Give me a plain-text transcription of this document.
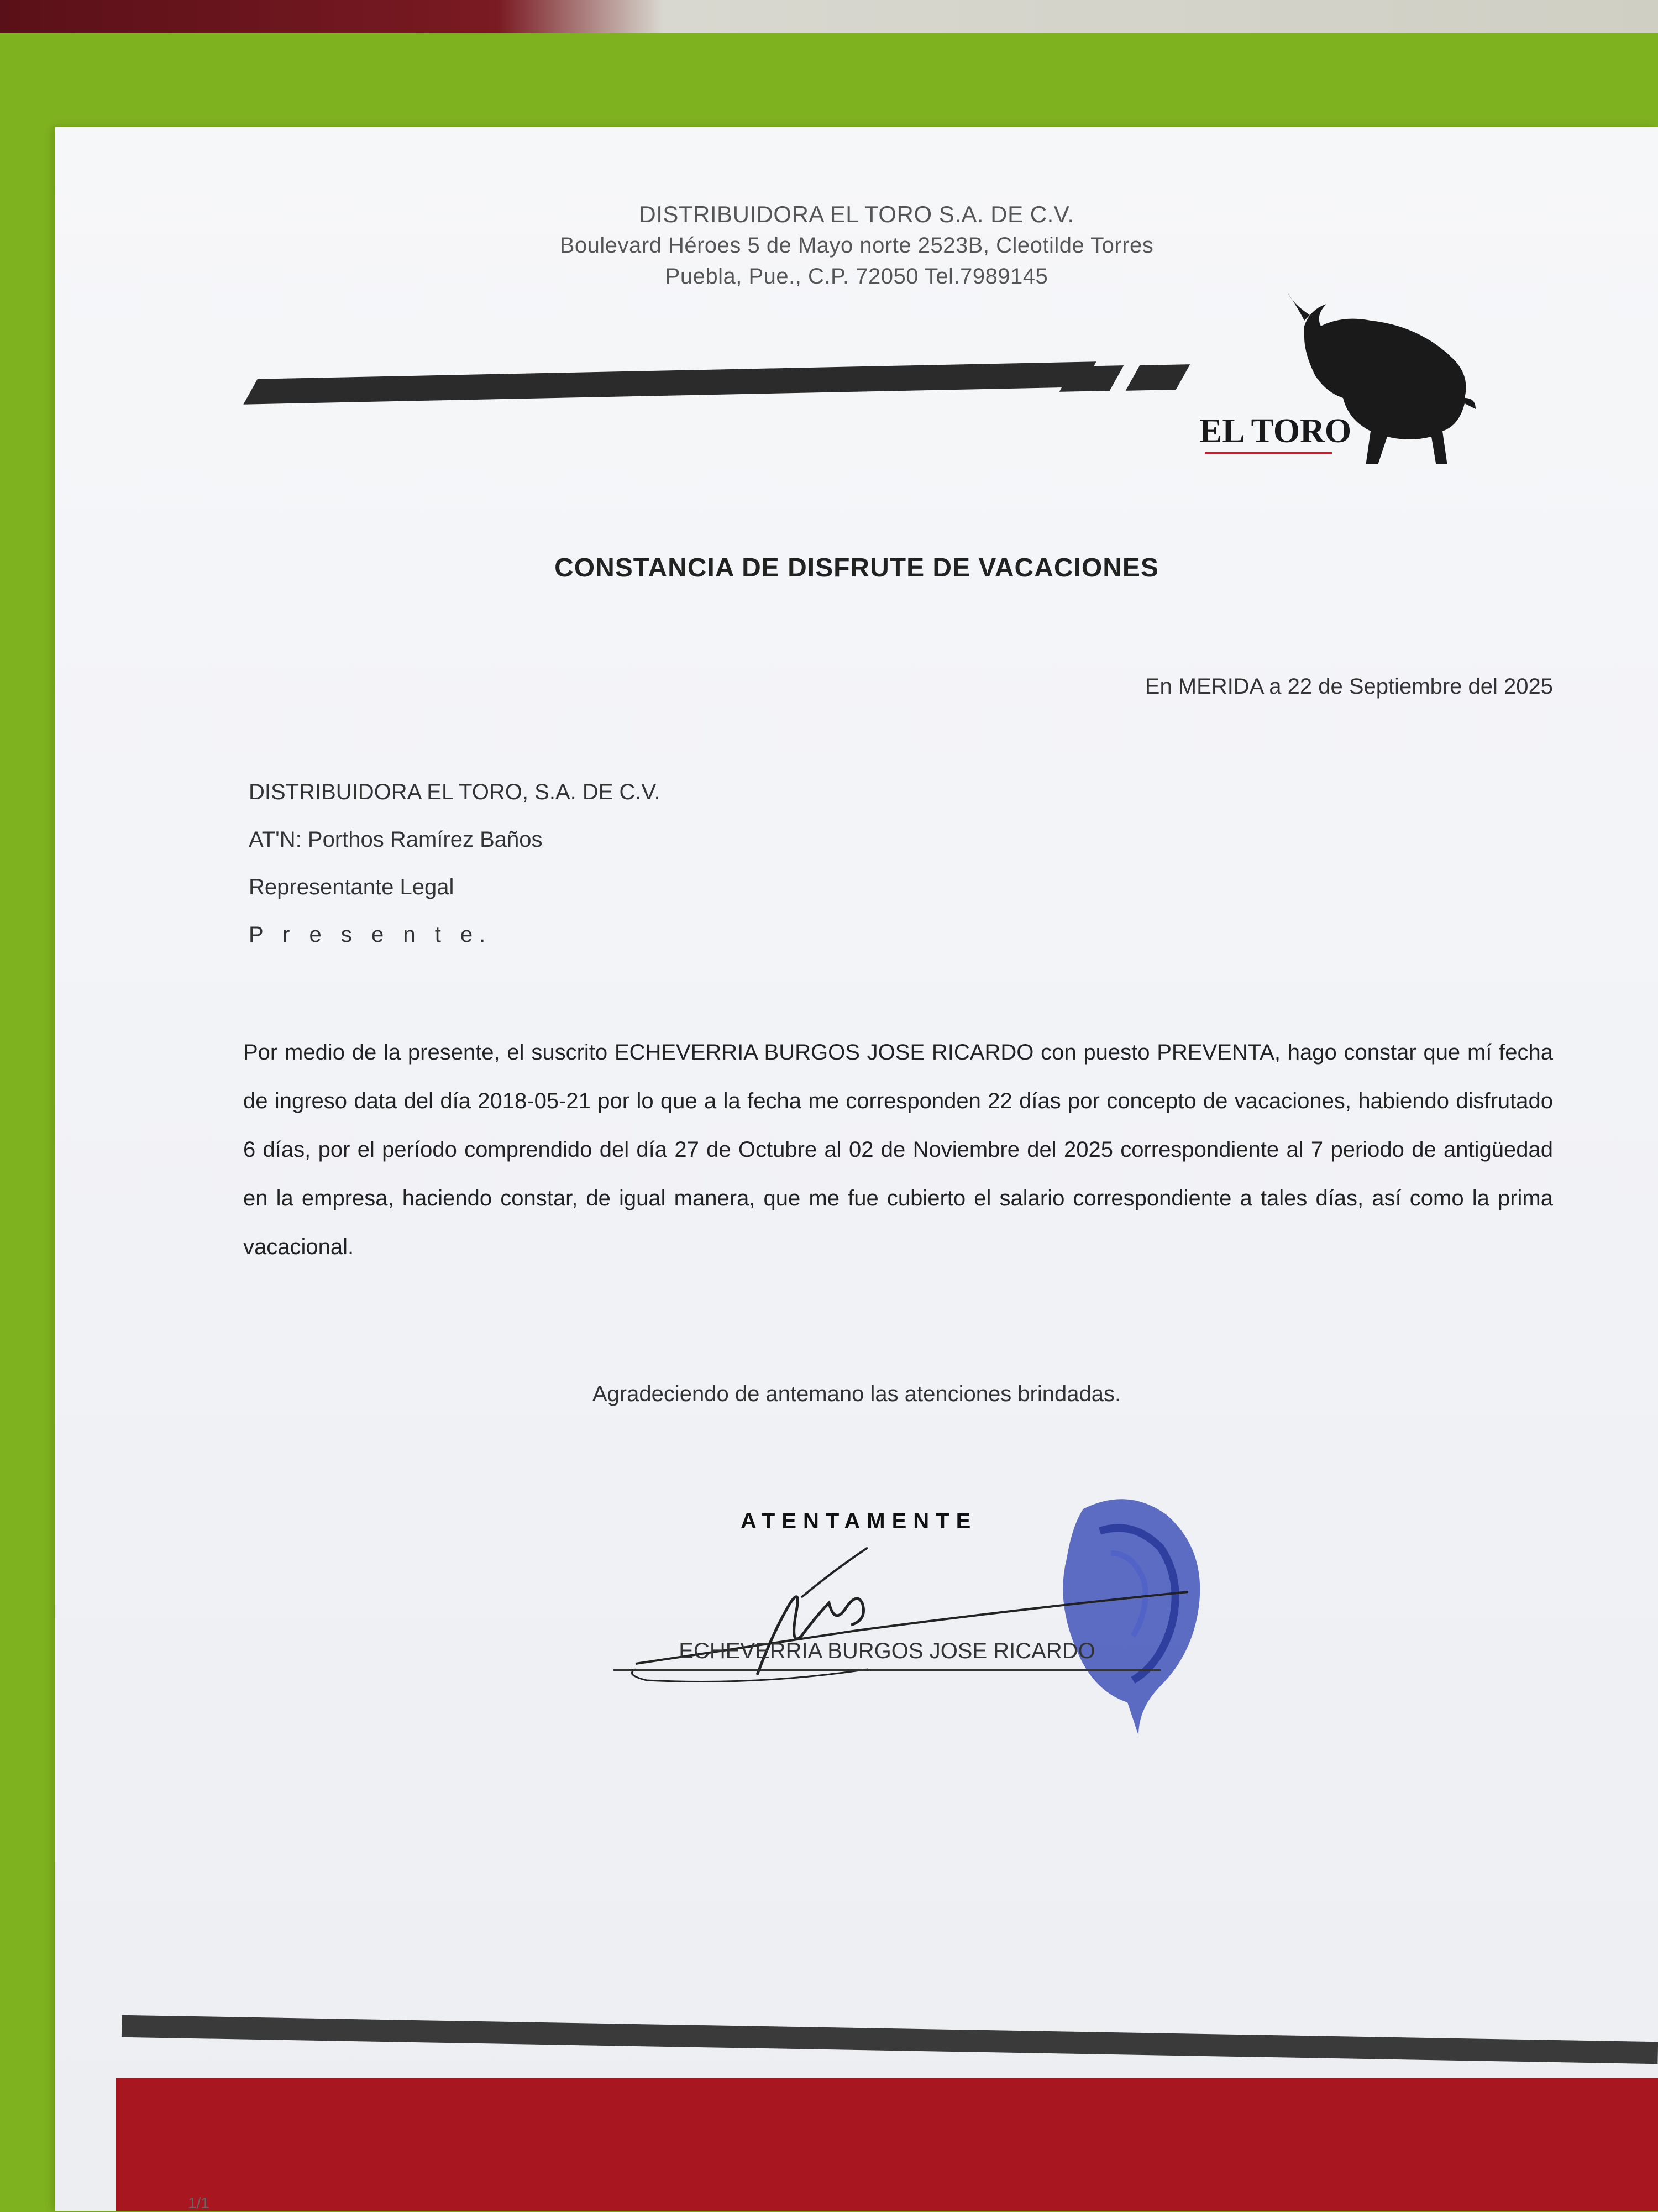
DISTRIBUIDORA EL TORO S.A. DE C.V.
Boulevard Héroes 5 de Mayo norte 2523B, Cleotilde Torres
Puebla, Pue., C.P. 72050 Tel.7989145
EL TORO
CONSTANCIA DE DISFRUTE DE VACACIONES
En MERIDA a 22 de Septiembre del 2025
DISTRIBUIDORA EL TORO, S.A. DE C.V.
AT'N: Porthos Ramírez Baños
Representante Legal
P r e s e n t e.
Por medio de la presente, el suscrito ECHEVERRIA BURGOS JOSE RICARDO con puesto PREVENTA, hago constar que mí fecha de ingreso data del día 2018-05-21 por lo que a la fecha me corresponden 22 días por concepto de vacaciones, habiendo disfrutado 6 días, por el período comprendido del día 27 de Octubre al 02 de Noviembre del 2025 correspondiente al 7 periodo de antigüedad en la empresa, haciendo constar, de igual manera, que me fue cubierto el salario correspondiente a tales días, así como la prima vacacional.
Agradeciendo de antemano las atenciones brindadas.
ATENTAMENTE
ECHEVERRIA BURGOS JOSE RICARDO
1/1
